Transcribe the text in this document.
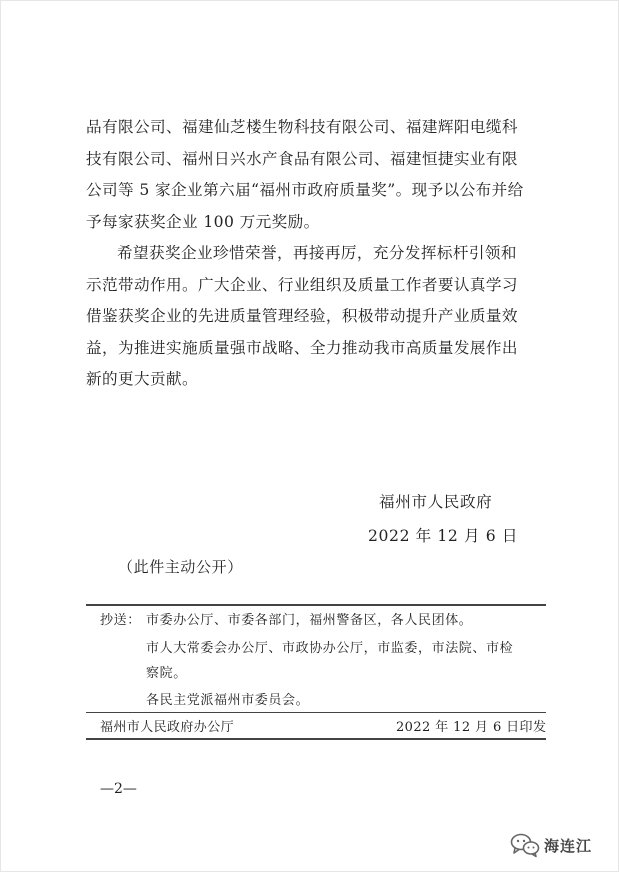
品有限公司、福建仙芝楼生物科技有限公司、福建辉阳电缆科

技有限公司、福州日兴水产食品有限公司、福建恒捷实业有限

公司等 5 家企业第六届“福州市政府质量奖”。现予以公布并给

予每家获奖企业 100 万元奖励。

希望获奖企业珍惜荣誉，再接再厉，充分发挥标杆引领和

示范带动作用。广大企业、行业组织及质量工作者要认真学习

借鉴获奖企业的先进质量管理经验，积极带动提升产业质量效

益，为推进实施质量强市战略、全力推动我市高质量发展作出

新的更大贡献。

福州市人民政府
2022 年 12 月 6 日
（此件主动公开）
抄送： 市委办公厅、市委各部门，福州警备区，各人民团体。
市人大常委会办公厅、市政协办公厅，市监委，市法院、市检
察院。
各民主党派福州市委员会。
福州市人民政府办公厅	2022 年 12 月 6 日印发
—2—
海连江
